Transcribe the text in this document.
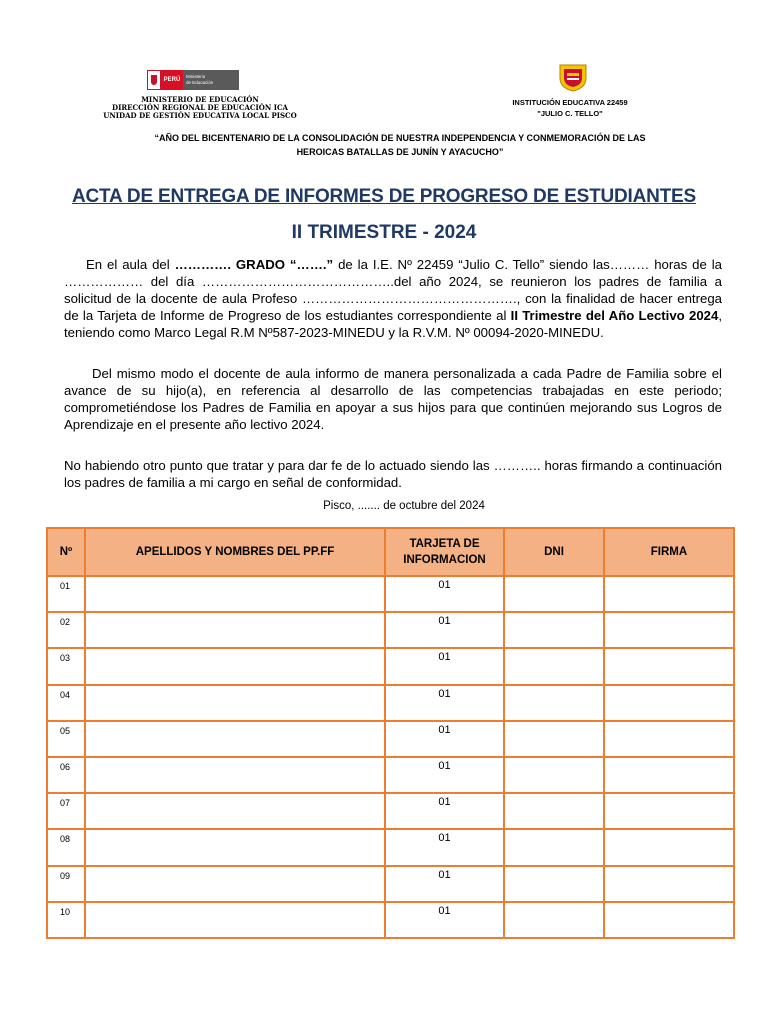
PERÚ
Ministerio
de Educación
MINISTERIO DE EDUCACIÓN
DIRECCIÓN REGIONAL DE EDUCACIÓN ICA
UNIDAD DE GESTIÓN EDUCATIVA LOCAL PISCO
INSTITUCIÓN EDUCATIVA 22459
"JULIO C. TELLO"
“AÑO DEL BICENTENARIO DE LA CONSOLIDACIÓN DE NUESTRA INDEPENDENCIA Y CONMEMORACIÓN DE LAS
HEROICAS BATALLAS DE JUNÍN Y AYACUCHO”
ACTA DE ENTREGA DE INFORMES DE PROGRESO DE ESTUDIANTES
II TRIMESTRE - 2024
En el aula del …………. GRADO “…….” de la I.E. Nº 22459 “Julio C. Tello” siendo las……… horas de la ……………… del día ……………………………………..del año 2024, se reunieron los padres de familia a solicitud de la docente de aula Profeso …………………………………………., con la finalidad de hacer entrega de la Tarjeta de Informe de Progreso de los estudiantes correspondiente al II Trimestre del Año Lectivo 2024, teniendo como Marco Legal R.M Nº587-2023-MINEDU y la R.V.M. Nº 00094-2020-MINEDU.
Del mismo modo el docente de aula informo de manera personalizada a cada Padre de Familia sobre el avance de su hijo(a), en referencia al desarrollo de las competencias trabajadas en este periodo; comprometiéndose los Padres de Familia en apoyar a sus hijos para que continúen mejorando sus Logros de Aprendizaje en el presente año lectivo 2024.
No habiendo otro punto que tratar y para dar fe de lo actuado siendo las ……….. horas firmando a continuación los padres de familia a mi cargo en señal de conformidad.
Pisco, ....... de octubre del 2024
Nº	APELLIDOS Y NOMBRES DEL PP.FF	TARJETA DE INFORMACION	DNI	FIRMA
01		01		
02		01		
03		01		
04		01		
05		01		
06		01		
07		01		
08		01		
09		01		
10		01		
